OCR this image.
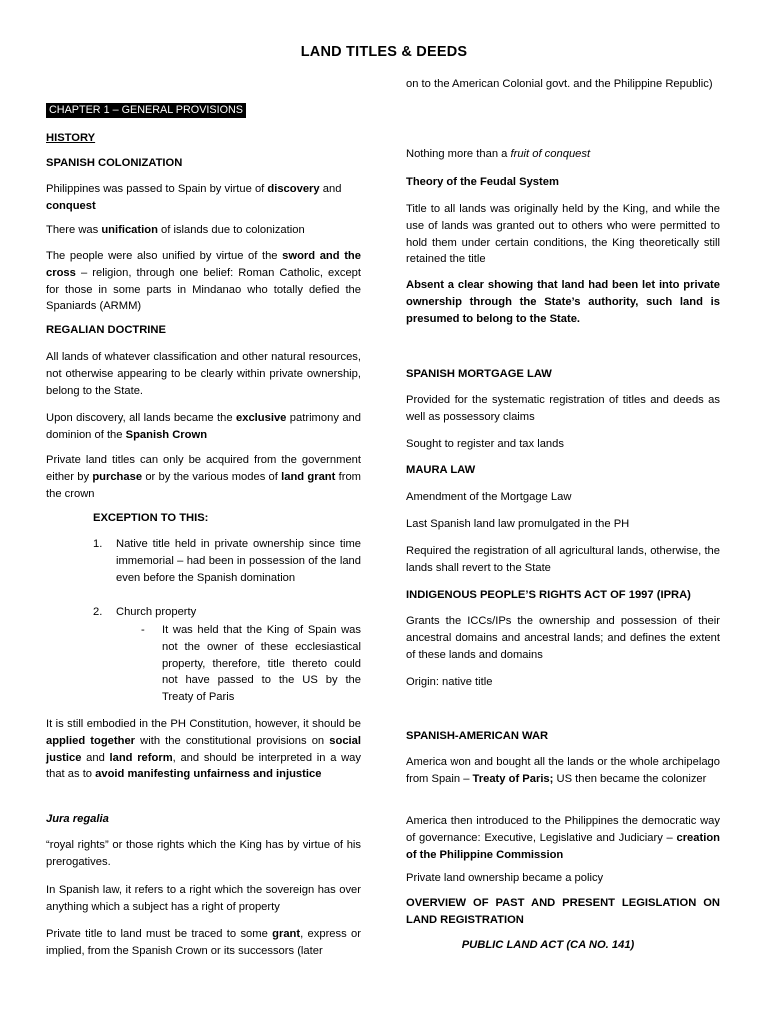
LAND TITLES & DEEDS

CHAPTER 1 – GENERAL PROVISIONS

HISTORY

SPANISH COLONIZATION

Philippines was passed to Spain by virtue of discovery and conquest

There was unification of islands due to colonization

The people were also unified by virtue of the sword and the cross – religion, through one belief: Roman Catholic, except for those in some parts in Mindanao who totally defied the Spaniards (ARMM)

REGALIAN DOCTRINE

All lands of whatever classification and other natural resources, not otherwise appearing to be clearly within private ownership, belong to the State.

Upon discovery, all lands became the exclusive patrimony and dominion of the Spanish Crown

Private land titles can only be acquired from the government either by purchase or by the various modes of land grant from the crown

EXCEPTION TO THIS:

1. Native title held in private ownership since time immemorial – had been in possession of the land even before the Spanish domination

2. Church property

- It was held that the King of Spain was not the owner of these ecclesiastical property, therefore, title thereto could not have passed to the US by the Treaty of Paris

It is still embodied in the PH Constitution, however, it should be applied together with the constitutional provisions on social justice and land reform, and should be interpreted in a way that as to avoid manifesting unfairness and injustice

Jura regalia

“royal rights” or those rights which the King has by virtue of his prerogatives.

In Spanish law, it refers to a right which the sovereign has over anything which a subject has a right of property

Private title to land must be traced to some grant, express or implied, from the Spanish Crown or its successors (later

on to the American Colonial govt. and the Philippine Republic)

Nothing more than a fruit of conquest

Theory of the Feudal System

Title to all lands was originally held by the King, and while the use of lands was granted out to others who were permitted to hold them under certain conditions, the King theoretically still retained the title

Absent a clear showing that land had been let into private ownership through the State’s authority, such land is presumed to belong to the State.

SPANISH MORTGAGE LAW

Provided for the systematic registration of titles and deeds as well as possessory claims

Sought to register and tax lands

MAURA LAW

Amendment of the Mortgage Law

Last Spanish land law promulgated in the PH

Required the registration of all agricultural lands, otherwise, the lands shall revert to the State

INDIGENOUS PEOPLE’S RIGHTS ACT OF 1997 (IPRA)

Grants the ICCs/IPs the ownership and possession of their ancestral domains and ancestral lands; and defines the extent of these lands and domains

Origin: native title

SPANISH-AMERICAN WAR

America won and bought all the lands or the whole archipelago from Spain – Treaty of Paris; US then became the colonizer

America then introduced to the Philippines the democratic way of governance: Executive, Legislative and Judiciary – creation of the Philippine Commission

Private land ownership became a policy

OVERVIEW OF PAST AND PRESENT LEGISLATION ON LAND REGISTRATION

PUBLIC LAND ACT (CA NO. 141)
